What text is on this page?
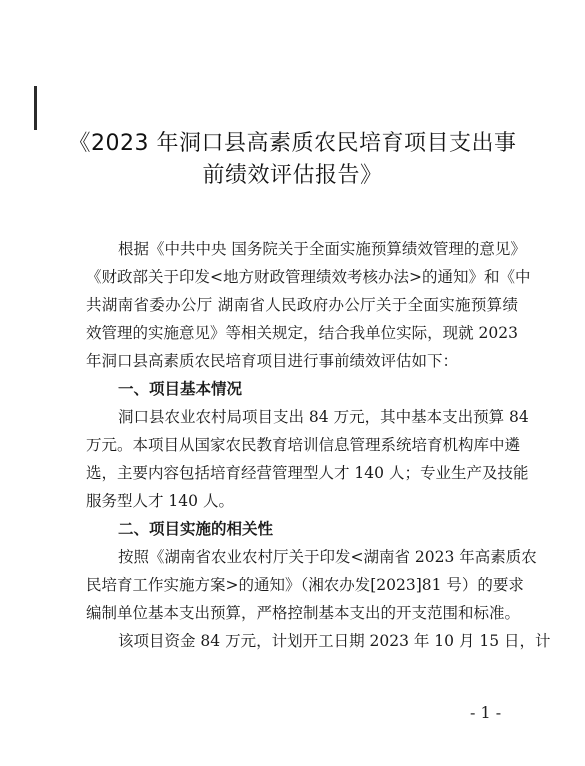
《2023 年洞口县高素质农民培育项目支出事
前绩效评估报告》
根据《中共中央 国务院关于全面实施预算绩效管理的意见》
《财政部关于印发<地方财政管理绩效考核办法>的通知》和《中
共湖南省委办公厅 湖南省人民政府办公厅关于全面实施预算绩
效管理的实施意见》等相关规定，结合我单位实际，现就 2023
年洞口县高素质农民培育项目进行事前绩效评估如下：
一、项目基本情况
洞口县农业农村局项目支出 84 万元，其中基本支出预算 84
万元。本项目从国家农民教育培训信息管理系统培育机构库中遴
选，主要内容包括培育经营管理型人才 140 人；专业生产及技能
服务型人才 140 人。
二、项目实施的相关性
按照《湖南省农业农村厅关于印发<湖南省 2023 年高素质农
民培育工作实施方案>的通知》（湘农办发[2023]81 号）的要求
编制单位基本支出预算，严格控制基本支出的开支范围和标准。
该项目资金 84 万元，计划开工日期 2023 年 10 月 15 日，计
- 1 -
